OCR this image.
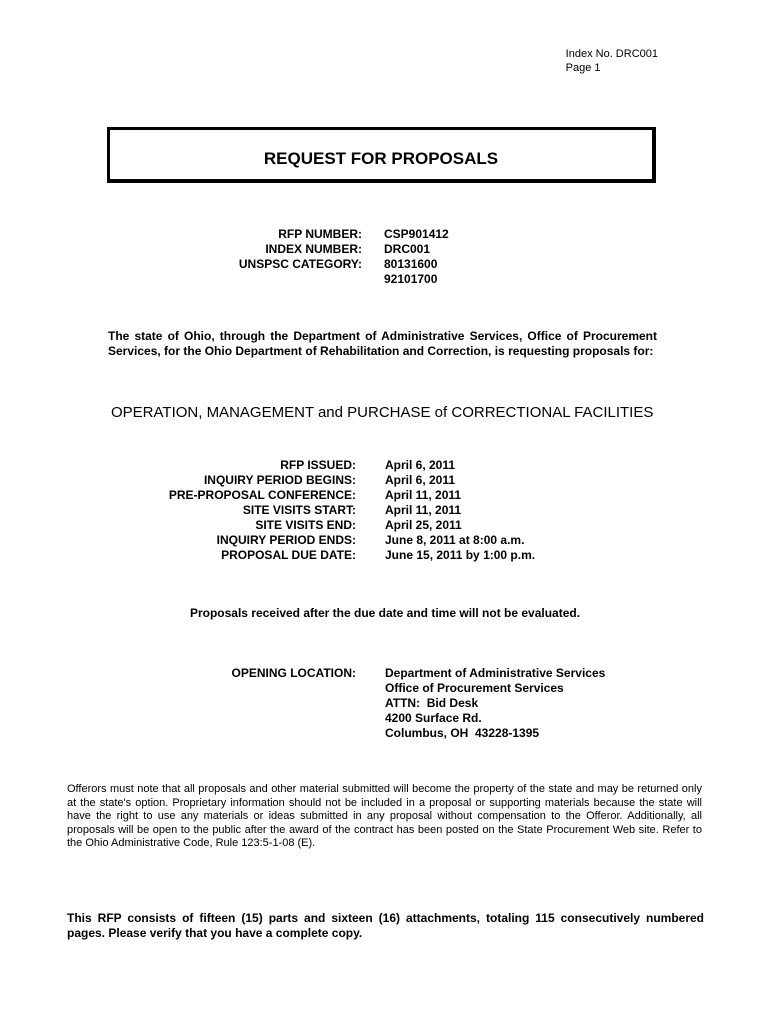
Index No. DRC001
Page 1
REQUEST FOR PROPOSALS
RFP NUMBER: CSP901412
INDEX NUMBER: DRC001
UNSPSC CATEGORY: 80131600
92101700
The state of Ohio, through the Department of Administrative Services, Office of Procurement Services, for the Ohio Department of Rehabilitation and Correction, is requesting proposals for:
OPERATION, MANAGEMENT and PURCHASE of CORRECTIONAL FACILITIES
RFP ISSUED: April 6, 2011
INQUIRY PERIOD BEGINS: April 6, 2011
PRE-PROPOSAL CONFERENCE: April 11, 2011
SITE VISITS START: April 11, 2011
SITE VISITS END: April 25, 2011
INQUIRY PERIOD ENDS: June 8, 2011 at 8:00 a.m.
PROPOSAL DUE DATE: June 15, 2011 by 1:00 p.m.
Proposals received after the due date and time will not be evaluated.
OPENING LOCATION: Department of Administrative Services
Office of Procurement Services
ATTN:  Bid Desk
4200 Surface Rd.
Columbus, OH  43228-1395
Offerors must note that all proposals and other material submitted will become the property of the state and may be returned only at the state's option. Proprietary information should not be included in a proposal or supporting materials because the state will have the right to use any materials or ideas submitted in any proposal without compensation to the Offeror. Additionally, all proposals will be open to the public after the award of the contract has been posted on the State Procurement Web site. Refer to the Ohio Administrative Code, Rule 123:5-1-08 (E).
This RFP consists of fifteen (15) parts and sixteen (16) attachments, totaling 115 consecutively numbered pages. Please verify that you have a complete copy.
